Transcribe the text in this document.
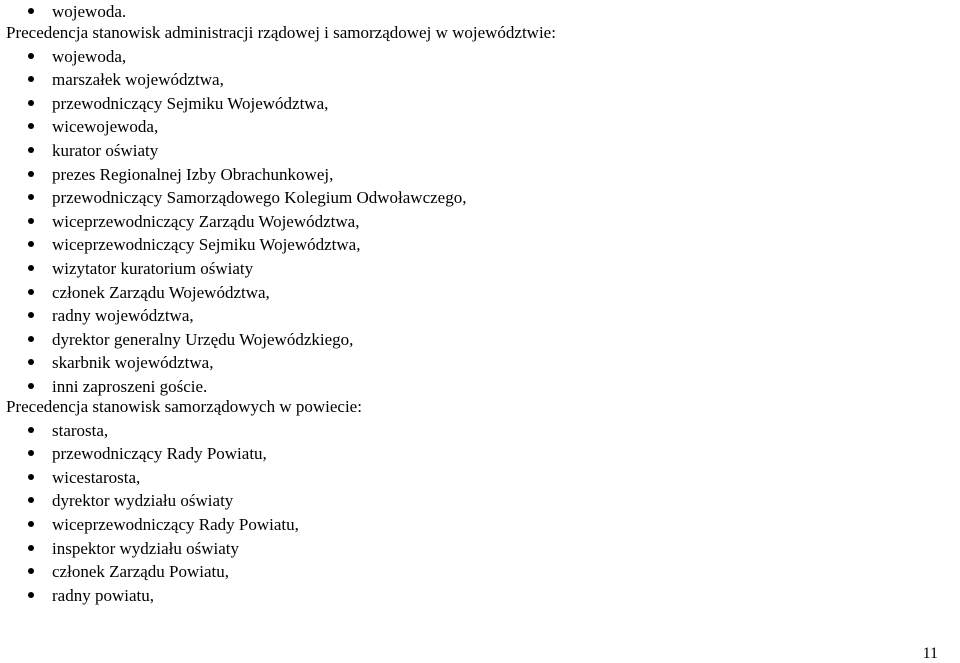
wojewoda.
Precedencja stanowisk administracji rządowej i samorządowej w województwie:
wojewoda,
marszałek województwa,
przewodniczący Sejmiku Województwa,
wicewojewoda,
kurator oświaty
prezes Regionalnej Izby Obrachunkowej,
przewodniczący Samorządowego Kolegium Odwoławczego,
wiceprzewodniczący Zarządu Województwa,
wiceprzewodniczący Sejmiku Województwa,
wizytator kuratorium oświaty
członek Zarządu Województwa,
radny województwa,
dyrektor generalny Urzędu Wojewódzkiego,
skarbnik województwa,
inni zaproszeni goście.
Precedencja stanowisk samorządowych w powiecie:
starosta,
przewodniczący Rady Powiatu,
wicestarosta,
dyrektor wydziału oświaty
wiceprzewodniczący Rady Powiatu,
inspektor wydziału oświaty
członek Zarządu Powiatu,
radny powiatu,
11
